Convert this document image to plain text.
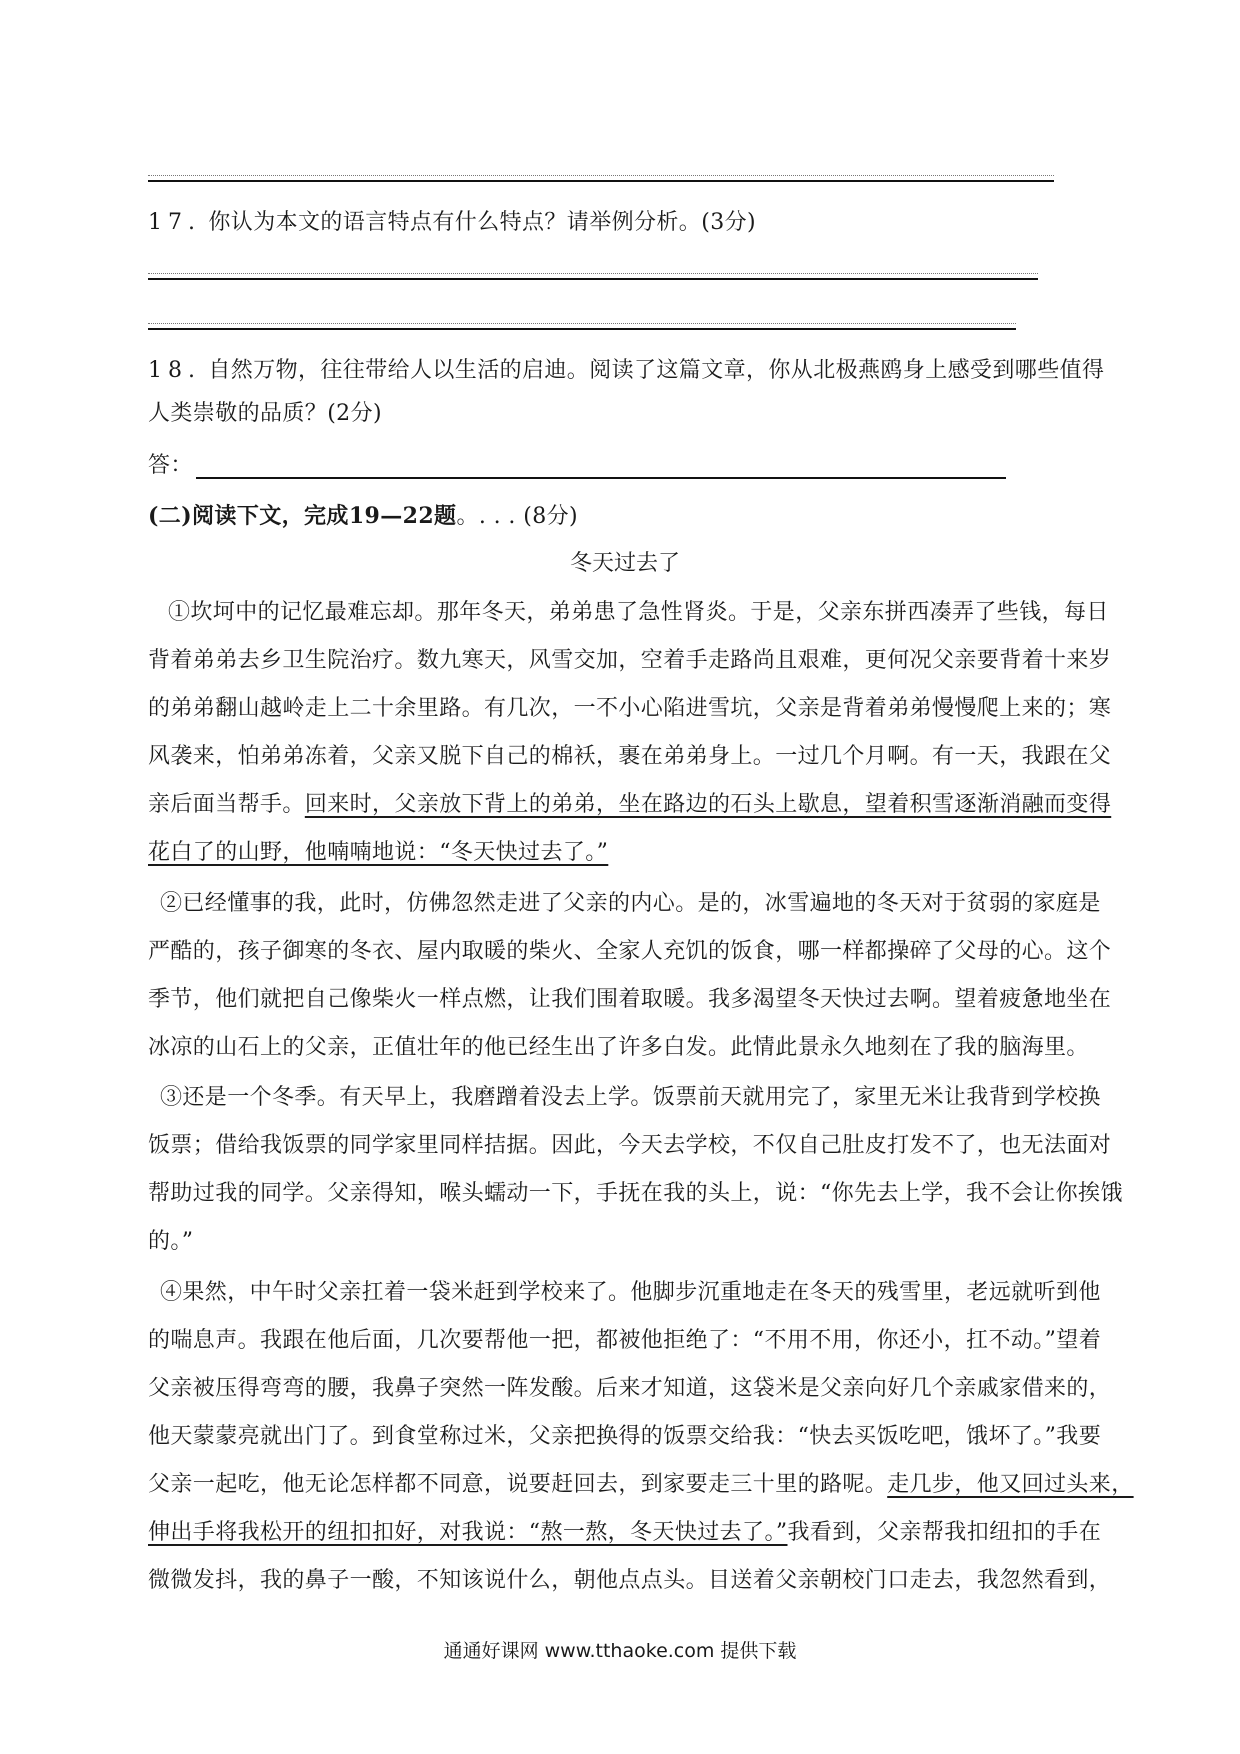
17. 你认为本文的语言特点有什么特点？请举例分析。(3分)
18. 自然万物，往往带给人以生活的启迪。阅读了这篇文章，你从北极燕鸥身上感受到哪些值得
人类崇敬的品质？(2分)
答：
(二)阅读下文，完成19—22题。. . . (8分)
冬天过去了
①坎坷中的记忆最难忘却。那年冬天，弟弟患了急性肾炎。于是，父亲东拼西凑弄了些钱，每日
背着弟弟去乡卫生院治疗。数九寒天，风雪交加，空着手走路尚且艰难，更何况父亲要背着十来岁
的弟弟翻山越岭走上二十余里路。有几次，一不小心陷进雪坑，父亲是背着弟弟慢慢爬上来的；寒
风袭来，怕弟弟冻着，父亲又脱下自己的棉袄，裹在弟弟身上。一过几个月啊。有一天，我跟在父
亲后面当帮手。回来时，父亲放下背上的弟弟，坐在路边的石头上歇息，望着积雪逐渐消融而变得
花白了的山野，他喃喃地说：“冬天快过去了。”
②已经懂事的我，此时，仿佛忽然走进了父亲的内心。是的，冰雪遍地的冬天对于贫弱的家庭是
严酷的，孩子御寒的冬衣、屋内取暖的柴火、全家人充饥的饭食，哪一样都操碎了父母的心。这个
季节，他们就把自己像柴火一样点燃，让我们围着取暖。我多渴望冬天快过去啊。望着疲惫地坐在
冰凉的山石上的父亲，正值壮年的他已经生出了许多白发。此情此景永久地刻在了我的脑海里。
③还是一个冬季。有天早上，我磨蹭着没去上学。饭票前天就用完了，家里无米让我背到学校换
饭票；借给我饭票的同学家里同样拮据。因此，今天去学校，不仅自己肚皮打发不了，也无法面对
帮助过我的同学。父亲得知，喉头蠕动一下，手抚在我的头上，说：“你先去上学，我不会让你挨饿
的。”
④果然，中午时父亲扛着一袋米赶到学校来了。他脚步沉重地走在冬天的残雪里，老远就听到他
的喘息声。我跟在他后面，几次要帮他一把，都被他拒绝了：“不用不用，你还小，扛不动。”望着
父亲被压得弯弯的腰，我鼻子突然一阵发酸。后来才知道，这袋米是父亲向好几个亲戚家借来的，
他天蒙蒙亮就出门了。到食堂称过米，父亲把换得的饭票交给我：“快去买饭吃吧，饿坏了。”我要
父亲一起吃，他无论怎样都不同意，说要赶回去，到家要走三十里的路呢。走几步，他又回过头来，
伸出手将我松开的纽扣扣好，对我说：“熬一熬，冬天快过去了。”我看到，父亲帮我扣纽扣的手在
微微发抖，我的鼻子一酸，不知该说什么，朝他点点头。目送着父亲朝校门口走去，我忽然看到，
通通好课网 www.tthaoke.com 提供下载
